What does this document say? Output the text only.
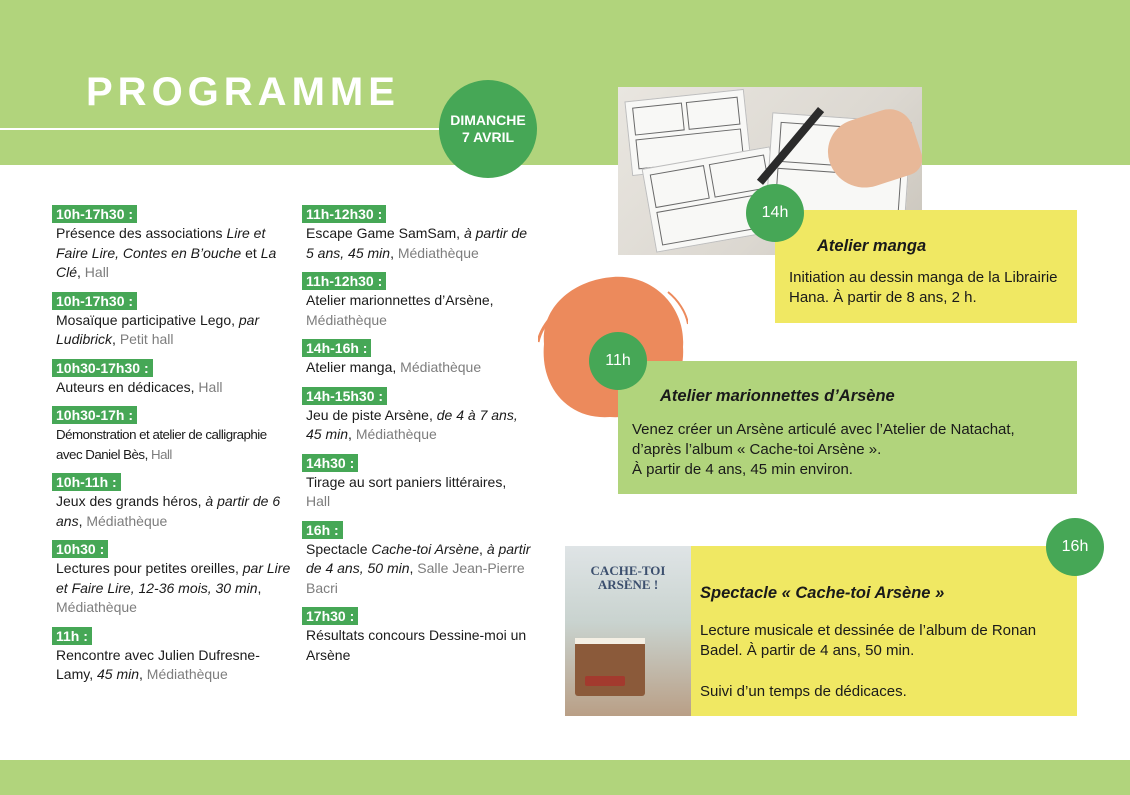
PROGRAMME
DIMANCHE
7 AVRIL
10h-17h30 :
Présence des associations Lire et Faire Lire, Contes en B’ouche et La Clé, Hall
10h-17h30 :
Mosaïque participative Lego, par Ludibrick, Petit hall
10h30-17h30 :
Auteurs en dédicaces, Hall
10h30-17h :
Démonstration et atelier de calligraphie avec Daniel Bès, Hall
10h-11h :
Jeux des grands héros, à partir de 6 ans, Médiathèque
10h30 :
Lectures pour petites oreilles, par Lire et Faire Lire, 12-36 mois, 30 min, Médiathèque
11h :
Rencontre avec Julien Dufresne-Lamy, 45 min, Médiathèque
11h-12h30 :
Escape Game SamSam, à partir de 5 ans, 45 min, Médiathèque
11h-12h30 :
Atelier marionnettes d’Arsène, Médiathèque
14h-16h :
Atelier manga, Médiathèque
14h-15h30 :
Jeu de piste Arsène, de 4 à 7 ans, 45 min, Médiathèque
14h30 :
Tirage au sort paniers littéraires, Hall
16h :
Spectacle Cache-toi Arsène, à partir de 4 ans, 50 min, Salle Jean-Pierre Bacri
17h30 :
Résultats concours Dessine-moi un Arsène
Atelier manga
Initiation au dessin manga de la Librairie Hana. À partir de 8 ans, 2 h.
14h
Atelier marionnettes d’Arsène
Venez créer un Arsène articulé avec l’Atelier de Natachat, d’après l’album « Cache-toi Arsène ».
À partir de 4 ans, 45 min environ.
11h
CACHE-TOI ARSÈNE !	Spectacle « Cache-toi Arsène »
Lecture musicale et dessinée de l’album de Ronan Badel. À partir de 4 ans, 50 min.
Suivi d’un temps de dédicaces.
16h
